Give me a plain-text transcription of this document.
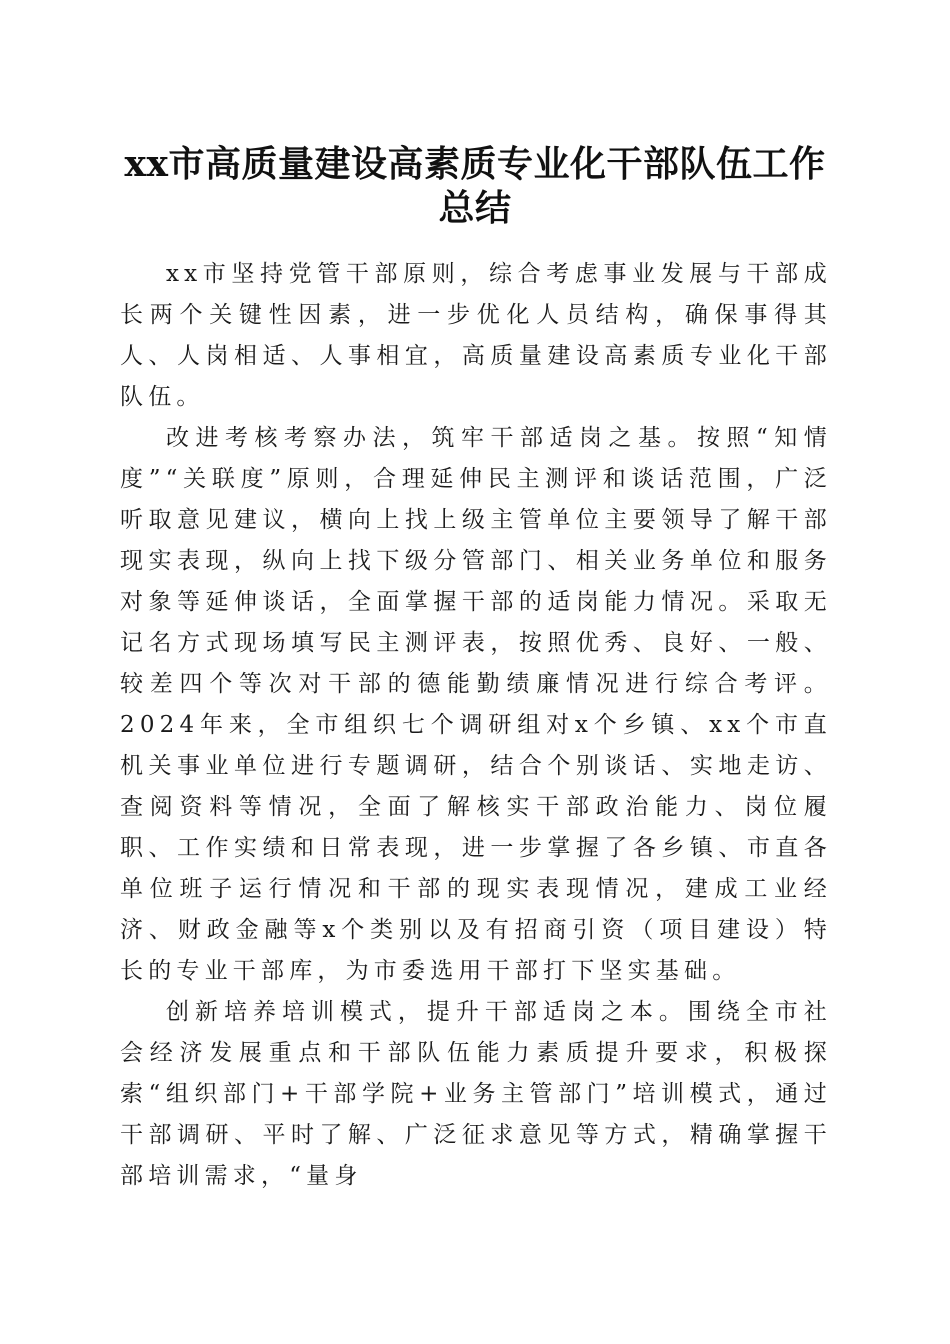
xx市高质量建设高素质专业化干部队伍工作
总结

xx市坚持党管干部原则，综合考虑事业发展与干部成长两个关键性因素，进一步优化人员结构，确保事得其人、人岗相适、人事相宜，高质量建设高素质专业化干部队伍。

改进考核考察办法，筑牢干部适岗之基。按照“知情度”“关联度”原则，合理延伸民主测评和谈话范围，广泛听取意见建议，横向上找上级主管单位主要领导了解干部现实表现，纵向上找下级分管部门、相关业务单位和服务对象等延伸谈话，全面掌握干部的适岗能力情况。采取无记名方式现场填写民主测评表，按照优秀、良好、一般、较差四个等次对干部的德能勤绩廉情况进行综合考评。2024年来，全市组织七个调研组对x个乡镇、xx个市直机关事业单位进行专题调研，结合个别谈话、实地走访、查阅资料等情况，全面了解核实干部政治能力、岗位履职、工作实绩和日常表现，进一步掌握了各乡镇、市直各单位班子运行情况和干部的现实表现情况，建成工业经济、财政金融等x个类别以及有招商引资（项目建设）特长的专业干部库，为市委选用干部打下坚实基础。

创新培养培训模式，提升干部适岗之本。围绕全市社会经济发展重点和干部队伍能力素质提升要求，积极探索“组织部门+干部学院+业务主管部门”培训模式，通过干部调研、平时了解、广泛征求意见等方式，精确掌握干部培训需求，“量身
